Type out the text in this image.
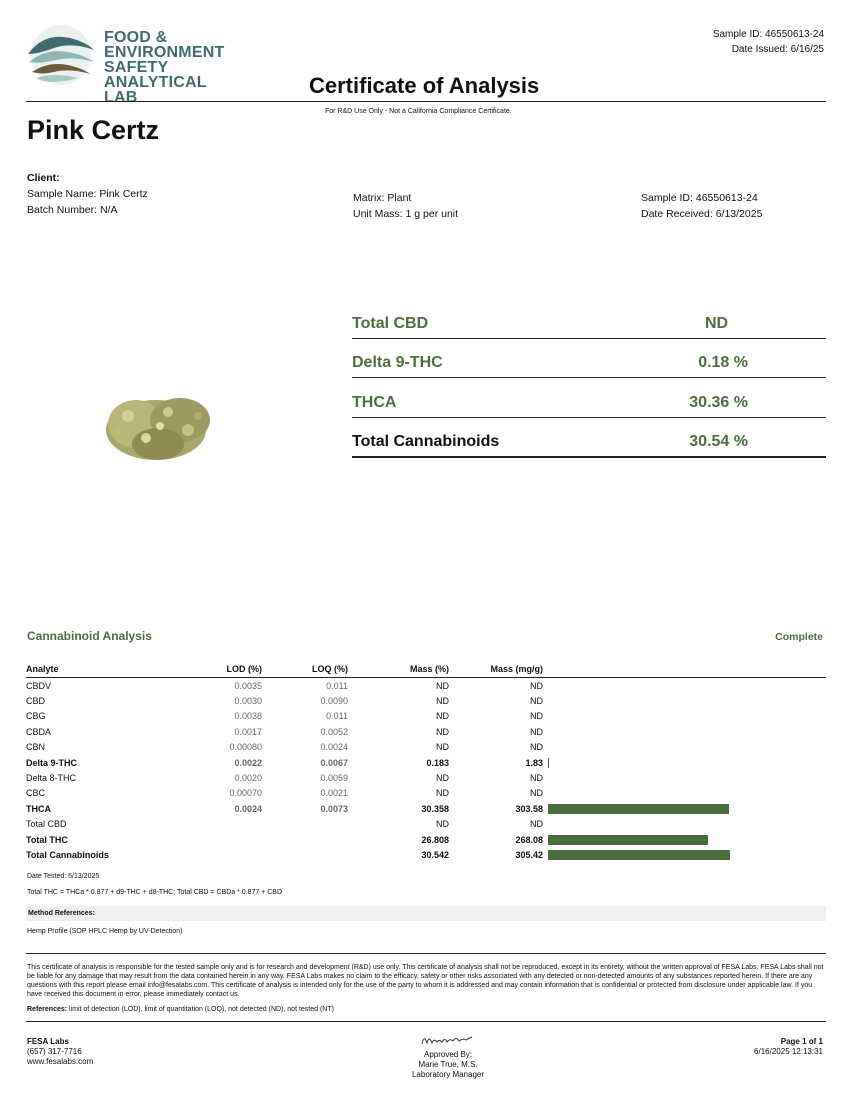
FOOD &
ENVIRONMENT
SAFETY
ANALYTICAL LAB
Sample ID: 46550613-24
Date Issued: 6/16/25
Certificate of Analysis
For R&D Use Only - Not a California Compliance Certificate.
Pink Certz
Client:
Sample Name: Pink Certz
Batch Number: N/A
Matrix: Plant
Unit Mass: 1 g per unit
Sample ID: 46550613-24
Date Received: 6/13/2025
Total CBD	ND
Delta 9-THC	0.18 %
THCA	30.36 %
Total Cannabinoids	30.54 %
Cannabinoid Analysis	Complete
Analyte	LOD (%)	LOQ (%)	Mass (%)	Mass (mg/g)	
CBDV	0.0035	0.011	ND	ND	
CBD	0.0030	0.0090	ND	ND	
CBG	0.0038	0.011	ND	ND	
CBDA	0.0017	0.0052	ND	ND	
CBN	0.00080	0.0024	ND	ND	
Delta 9-THC	0.0022	0.0067	0.183	1.83	
Delta 8-THC	0.0020	0.0059	ND	ND	
CBC	0.00070	0.0021	ND	ND	
THCA	0.0024	0.0073	30.358	303.58	
Total CBD			ND	ND	
Total THC			26.808	268.08	
Total Cannabinoids			30.542	305.42	
Date Tested: 6/13/2025
Total THC = THCa * 0.877 + d9-THC + d8-THC; Total CBD = CBDa * 0.877 + CBD
Method References:
Hemp Profile (SOP HPLC Hemp by UV-Detection)
This certificate of analysis is responsible for the tested sample only and is for research and development (R&D) use only. This certificate of analysis shall not be reproduced, except in its entirety, without the written approval of FESA Labs. FESA Labs shall not be liable for any damage that may result from the data contained herein in any way. FESA Labs makes no claim to the efficacy, safety or other risks associated with any detected or non-detected amounts of any substances reported herein. If there are any questions with this report please email info@fesalabs.com. This certificate of analysis is intended only for the use of the party to whom it is addressed and may contain information that is confidential or protected from disclosure under applicable law. If you have received this document in error, please immediately contact us.
References: limit of detection (LOD), limit of quantitation (LOQ), not detected (ND), not tested (NT)
FESA Labs
(657) 317-7716
www.fesalabs.com
Approved By:
Marie True, M.S.
Laboratory Manager
Page 1 of 1
6/16/2025 12:13:31
